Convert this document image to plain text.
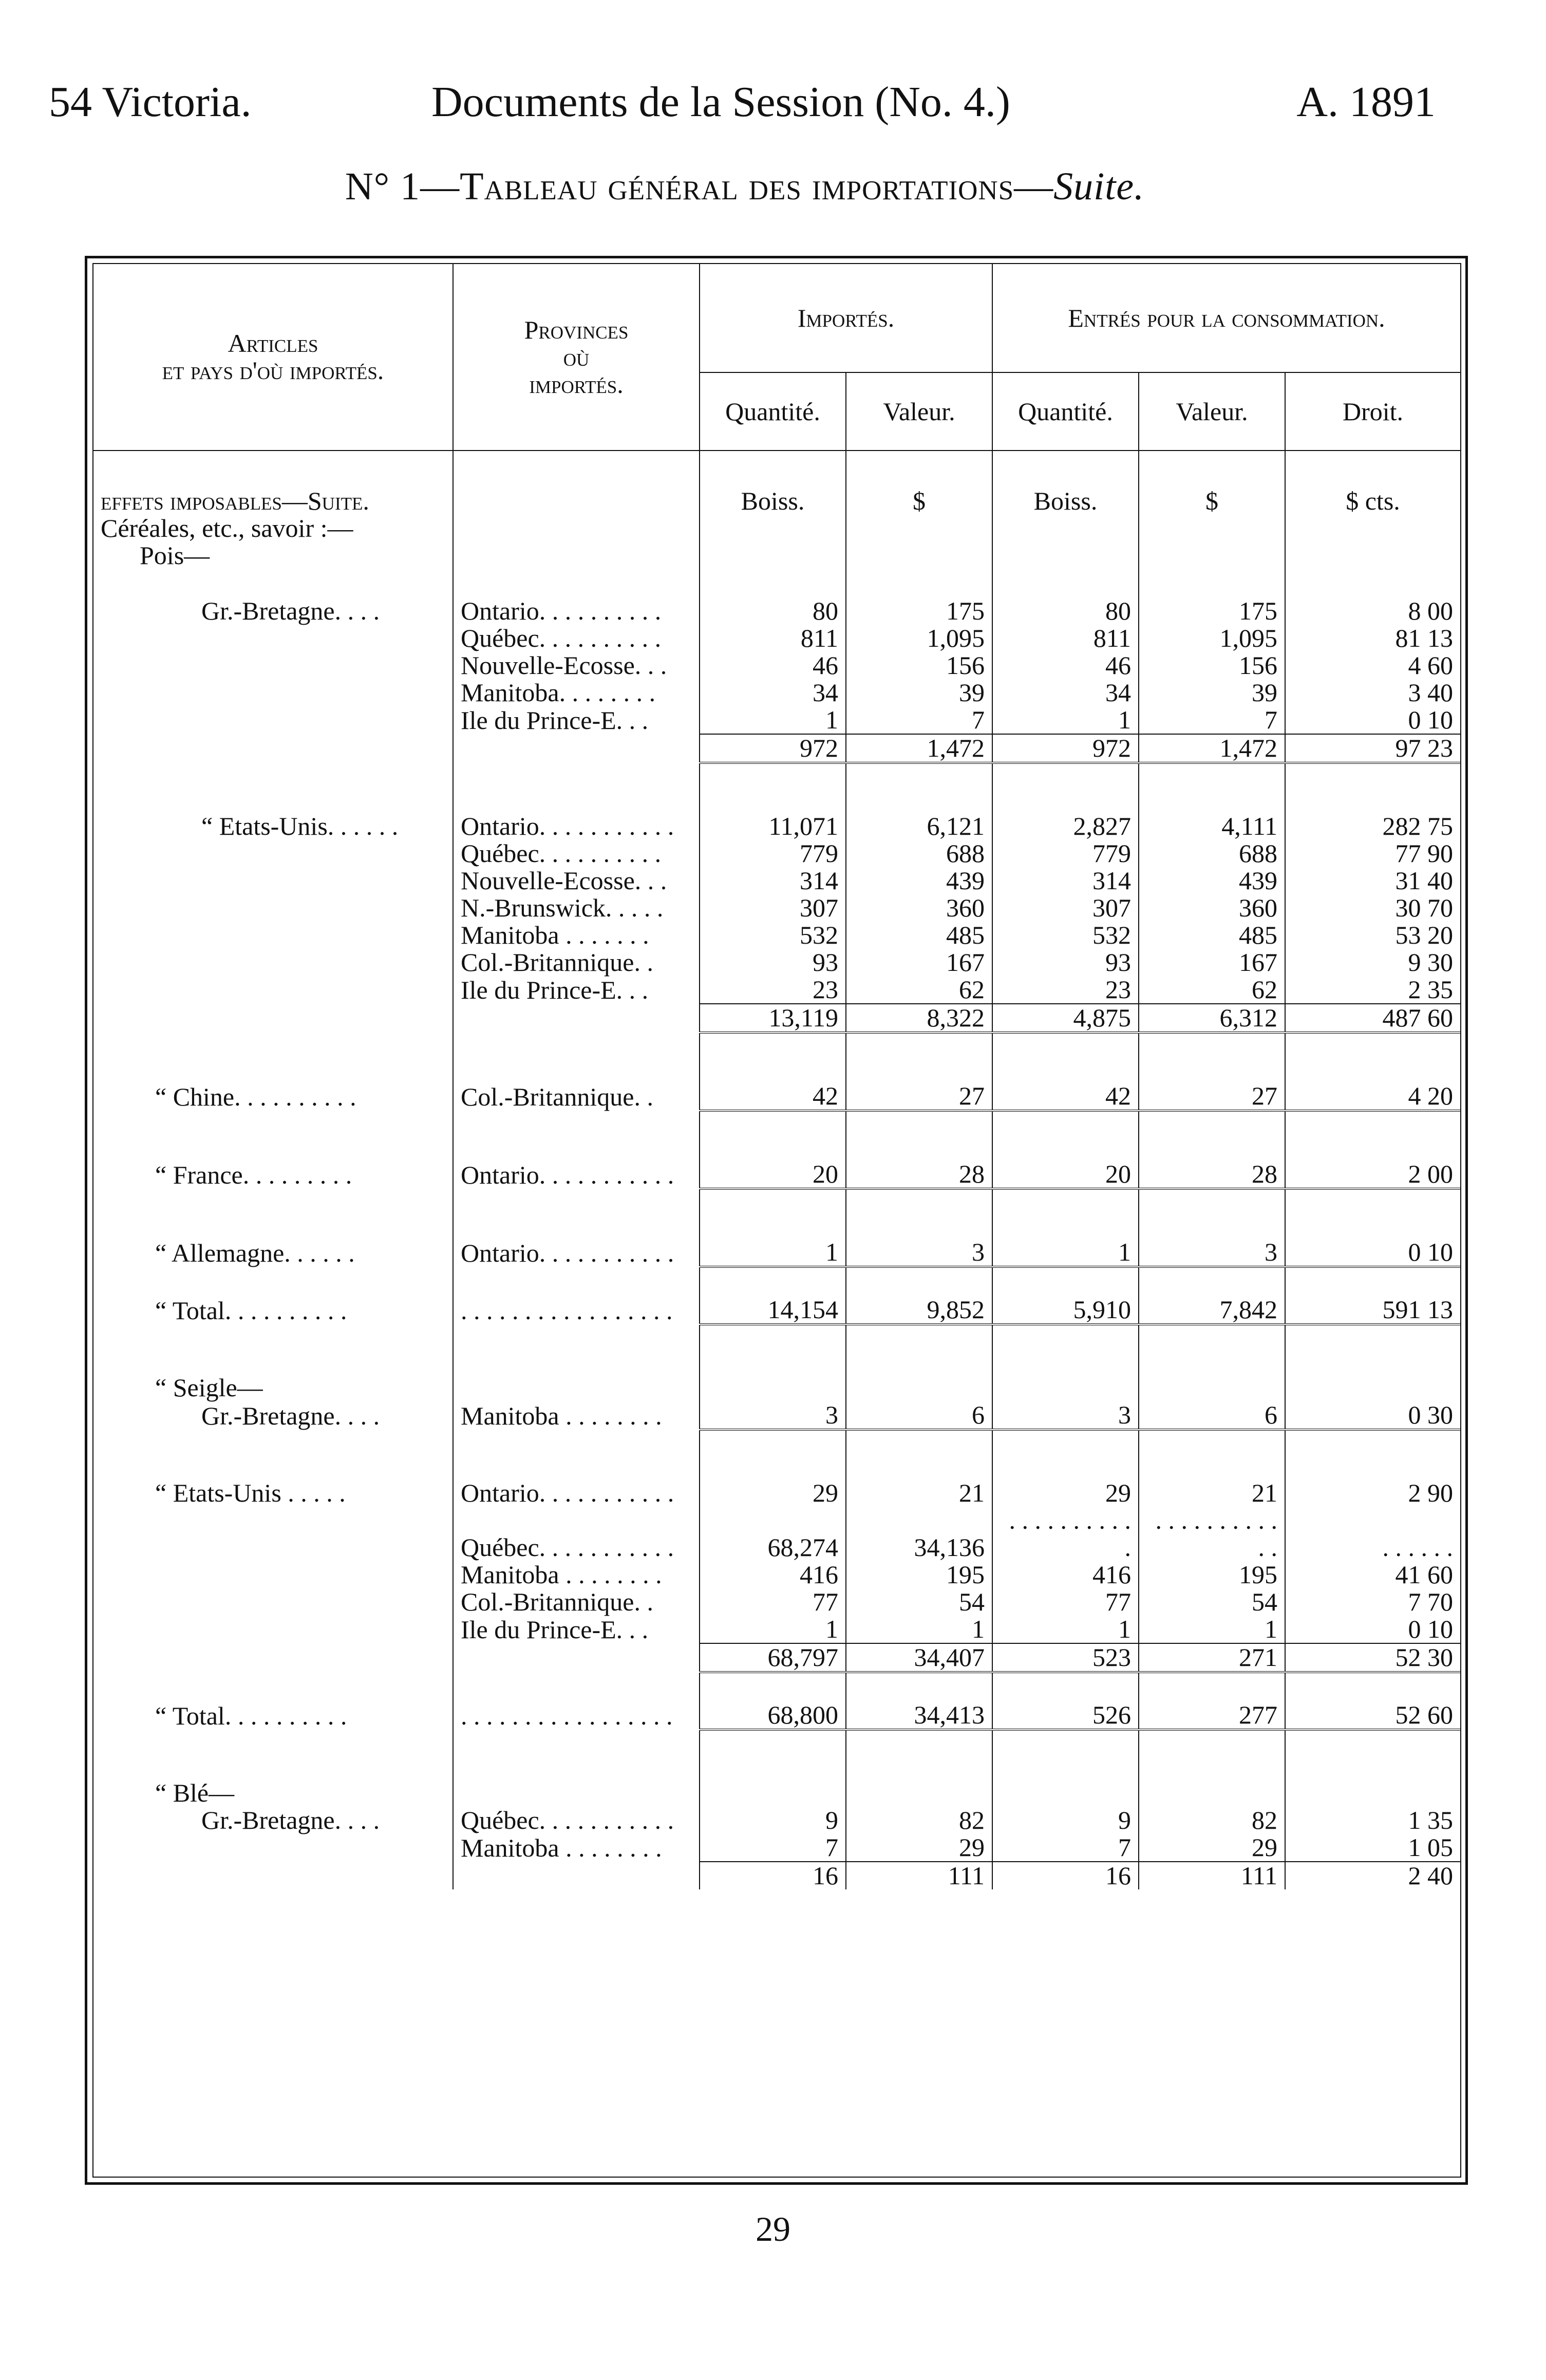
54 Victoria.	Documents de la Session (No. 4.)	A. 1891
N° 1—Tableau général des importations—Suite.
Articles
et pays d'où importés.	Provinces
où
importés.	Importés.		Entrés pour la consommation.		
		Quantité.	Valeur.	Quantité.	Valeur.	Droit.
effets imposables—Suite.		Boiss.	$	Boiss.	$	$ cts.
Céréales, etc., savoir :—						
Pois—						

Gr.-Bretagne. . . .	Ontario. . . . . . . . . .	80	175	80	175	8 00
	Québec. . . . . . . . . .	811	1,095	811	1,095	81 13
	Nouvelle-Ecosse. . .	46	156	46	156	4 60
	Manitoba. . . . . . . .	34	39	34	39	3 40
	Ile du Prince-E. . .	1	7	1	7	0 10
		972	1,472	972	1,472	97 23

“ Etats-Unis. . . . . .	Ontario. . . . . . . . . . .	11,071	6,121	2,827	4,111	282 75
	Québec. . . . . . . . . .	779	688	779	688	77 90
	Nouvelle-Ecosse. . .	314	439	314	439	31 40
	N.-Brunswick. . . . .	307	360	307	360	30 70
	Manitoba . . . . . . .	532	485	532	485	53 20
	Col.-Britannique. .	93	167	93	167	9 30
	Ile du Prince-E. . .	23	62	23	62	2 35
		13,119	8,322	4,875	6,312	487 60

“ Chine. . . . . . . . . .	Col.-Britannique. .	42	27	42	27	4 20

“ France. . . . . . . . .	Ontario. . . . . . . . . . .	20	28	20	28	2 00

“ Allemagne. . . . . .	Ontario. . . . . . . . . . .	1	3	1	3	0 10

“ Total. . . . . . . . . .	. . . . . . . . . . . . . . . . .	14,154	9,852	5,910	7,842	591 13

“ Seigle—						
Gr.-Bretagne. . . .	Manitoba . . . . . . . .	3	6	3	6	0 30

“ Etats-Unis . . . . .	Ontario. . . . . . . . . . .	29	21	29	21	2 90
	Québec. . . . . . . . . . .	68,274	34,136	. . . . . . . . . . .	. . . . . . . . . . . .	. . . . . .
	Manitoba . . . . . . . .	416	195	416	195	41 60
	Col.-Britannique. .	77	54	77	54	7 70
	Ile du Prince-E. . .	1	1	1	1	0 10
		68,797	34,407	523	271	52 30

“ Total. . . . . . . . . .	. . . . . . . . . . . . . . . . .	68,800	34,413	526	277	52 60

“ Blé—						
Gr.-Bretagne. . . .	Québec. . . . . . . . . . .	9	82	9	82	1 35
	Manitoba . . . . . . . .	7	29	7	29	1 05
		16	111	16	111	2 40
29
